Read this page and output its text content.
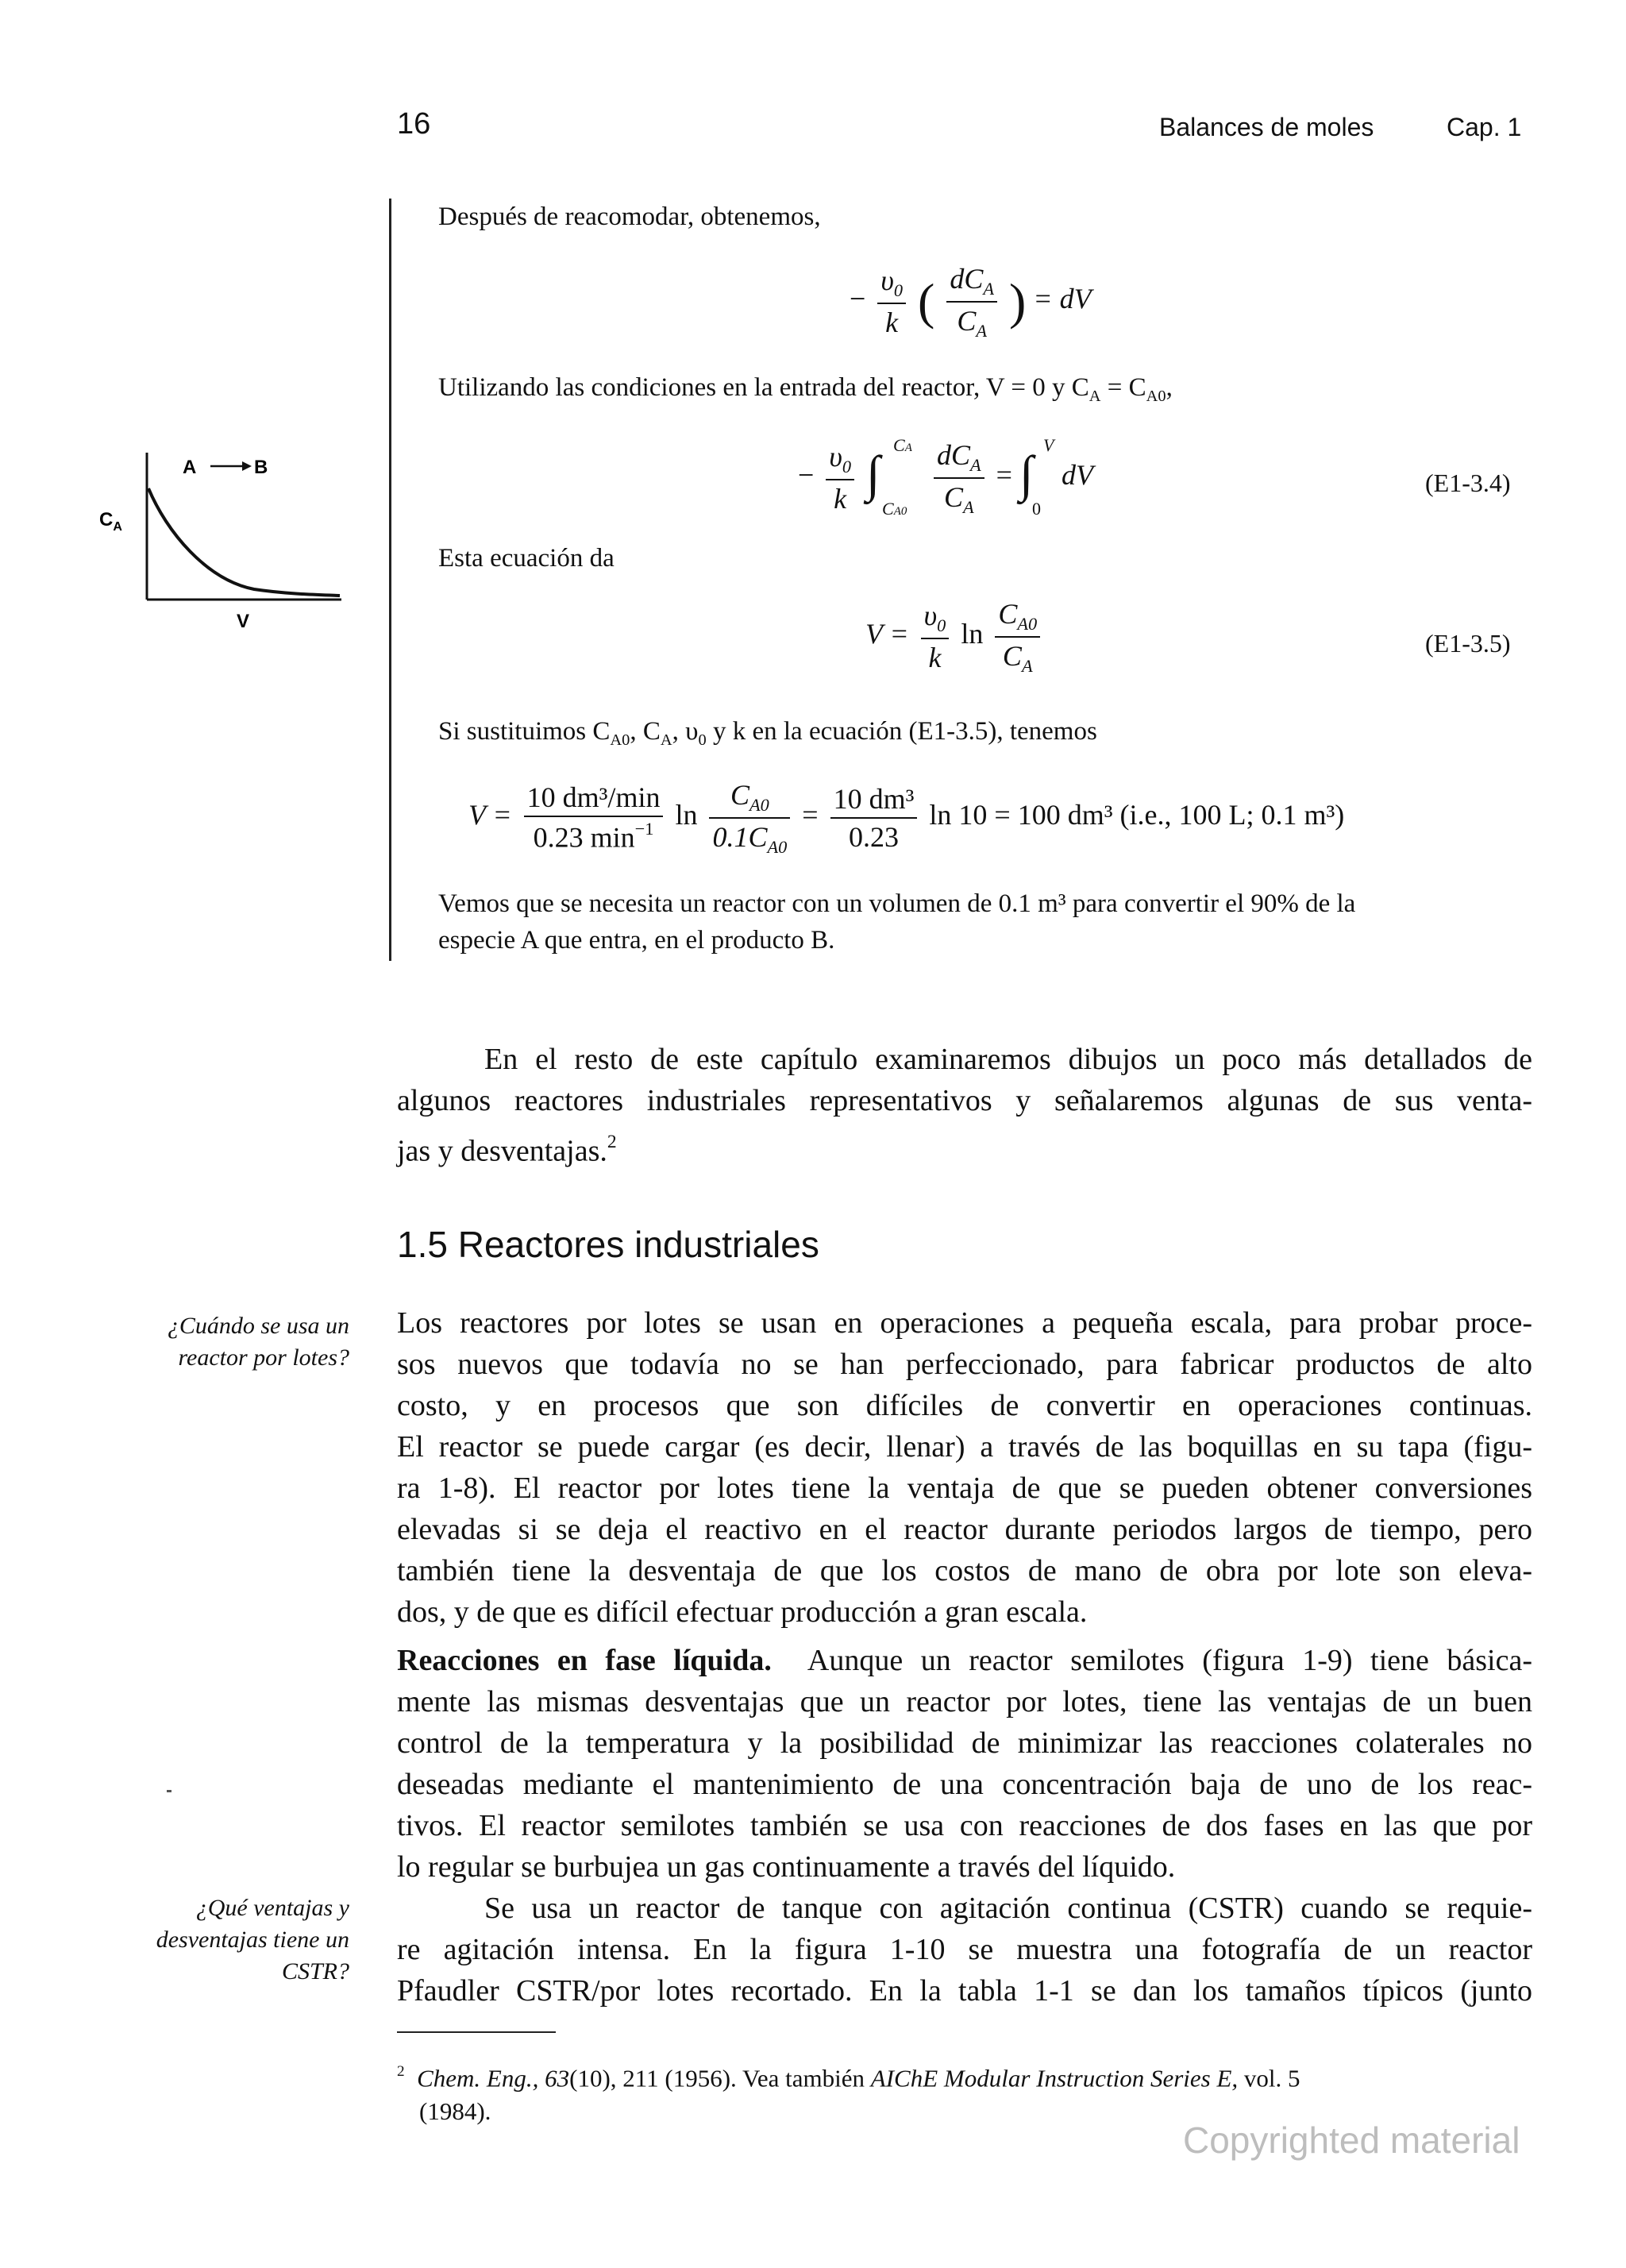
16	Balances de moles	Cap. 1
Después de reacomodar, obtenemos,
− $\frac{\upsilon_0}{k}$ ( $\frac{dC_A}{C_A}$ ) = dV
Utilizando las condiciones en la entrada del reactor, V = 0 y $C_A = C_{A0}$,
− $\frac{\upsilon_0}{k}$
∫
CA
CA0
$\frac{dC_A}{C_A}$ = ∫
V
0
dV	(E1-3.4)
Esta ecuación da
$V = \frac{\upsilon_0}{k}$ $\ln \frac{C_{A0}}{C_A}$	(E1-3.5)
Si sustituimos $C_{A0}$, $C_A$, $\upsilon_0$ y k en la ecuación (E1-3.5), tenemos
$V = \frac{\text{10 dm³/min}}{0.23 \min^{-1}}$ $\ln \frac{C_{A0}}{0.1C_{A0}} = \frac{\text{10 dm³}}{0.23}$ ln 10 = 100 dm³ (i.e., 100 L; 0.1 m³)
Vemos que se necesita un reactor con un volumen de 0.1 m³ para convertir el 90% de la
especie A que entra, en el producto B.
A	B
$C_A$
V
En el resto de este capítulo examinaremos dibujos un poco más detallados de
algunos reactores industriales representativos y señalaremos algunas de sus venta-
jas y desventajas.$^2$
1.5 Reactores industriales
Los reactores por lotes se usan en operaciones a pequeña escala, para probar proce-
sos nuevos que todavía no se han perfeccionado, para fabricar productos de alto
costo, y en procesos que son difíciles de convertir en operaciones continuas.
El reactor se puede cargar (es decir, llenar) a través de las boquillas en su tapa (figu-
ra 1-8). El reactor por lotes tiene la ventaja de que se pueden obtener conversiones
elevadas si se deja el reactivo en el reactor durante periodos largos de tiempo, pero
también tiene la desventaja de que los costos de mano de obra por lote son eleva-
dos, y de que es difícil efectuar producción a gran escala.
Reacciones en fase líquida. Aunque un reactor semilotes (figura 1-9) tiene básica-
mente las mismas desventajas que un reactor por lotes, tiene las ventajas de un buen
control de la temperatura y la posibilidad de minimizar las reacciones colaterales no
deseadas mediante el mantenimiento de una concentración baja de uno de los reac-
tivos. El reactor semilotes también se usa con reacciones de dos fases en las que por
lo regular se burbujea un gas continuamente a través del líquido.
Se usa un reactor de tanque con agitación continua (CSTR) cuando se requie-
re agitación intensa. En la figura 1-10 se muestra una fotografía de un reactor
Pfaudler CSTR/por lotes recortado. En la tabla 1-1 se dan los tamaños típicos (junto
¿Cuándo se usa un
reactor por lotes?
¿Qué ventajas y
desventajas tiene un
CSTR?
$^2$ Chem. Eng., 63(10), 211 (1956). Vea también AIChE Modular Instruction Series E, vol. 5
(1984).
Copyrighted material
